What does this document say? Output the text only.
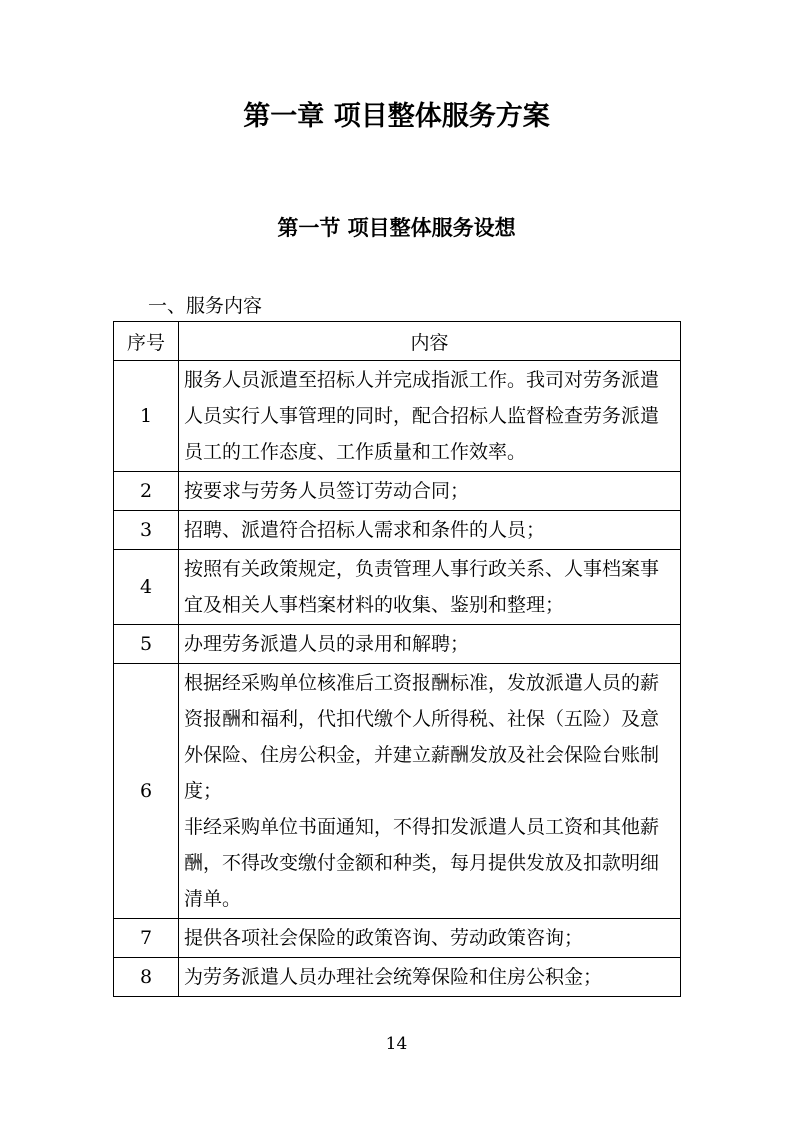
第一章 项目整体服务方案
第一节 项目整体服务设想
一、服务内容
序号	内容
1	服务人员派遣至招标人并完成指派工作。我司对劳务派遣人员实行人事管理的同时，配合招标人监督检查劳务派遣员工的工作态度、工作质量和工作效率。

2	按要求与劳务人员签订劳动合同；

3	招聘、派遣符合招标人需求和条件的人员；

4	按照有关政策规定，负责管理人事行政关系、人事档案事宜及相关人事档案材料的收集、鉴别和整理；

5	办理劳务派遣人员的录用和解聘；

6	根据经采购单位核准后工资报酬标准，发放派遣人员的薪资报酬和福利，代扣代缴个人所得税、社保（五险）及意外保险、住房公积金，并建立薪酬发放及社会保险台账制度；
非经采购单位书面通知，不得扣发派遣人员工资和其他薪酬，不得改变缴付金额和种类，每月提供发放及扣款明细清单。

7	提供各项社会保险的政策咨询、劳动政策咨询；

8	为劳务派遣人员办理社会统筹保险和住房公积金；
14
